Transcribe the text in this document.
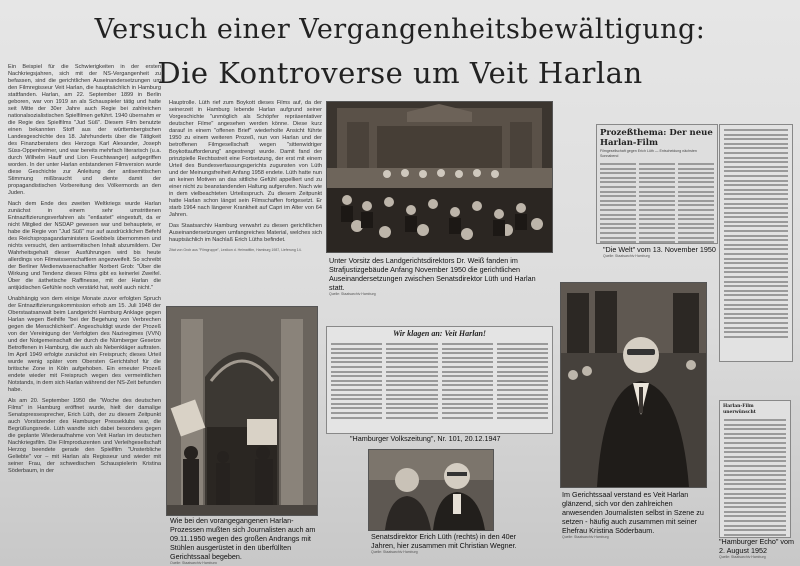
Versuch einer Vergangenheitsbewältigung:
Die Kontroverse um Veit Harlan

Ein Beispiel für die Schwierigkeiten in der ersten Nachkriegsjahren, sich mit der NS-Vergangenheit zu befassen, sind die gerichtlichen Auseinandersetzungen um den Filmregisseur Veit Harlan, die hauptsächlich in Hamburg stattfanden. Harlan, am 22. September 1899 in Berlin geboren, war von 1919 an als Schauspieler tätig und hatte seit Mitte der 30er Jahre auch Regie bei zahlreichen nationalsozialistischen Spielfilmen geführt. 1940 übernahm er die Regie des Spielfilms "Jud Süß". Diesem Film benutzte einen bekannten Stoff aus der württembergischen Landesgeschichte des 18. Jahrhunderts über die Tätigkeit des Finanzberaters des Herzogs Karl Alexander, Joseph Süss-Oppenheimer, und war bereits mehrfach literarisch (u.a. durch Wilhelm Hauff und Lion Feuchtwanger) aufgegriffen worden. In der unter Harlan entstandenen Filmversion wurde diese Geschichte zur Anleitung der antisemitischen Stimmung mißbraucht und diente damit der propagandistischen Vorbereitung des Völkermords an den Juden.

Nach dem Ende des zweiten Weltkriegs wurde Harlan zunächst in einem sehr umstrittenen Entnazifizierungsverfahren als "entlastet" eingestuft, da er nicht Mitglied der NSDAP gewesen war und behauptete, er habe die Regie von "Jud Süß" nur auf ausdrücklichen Befehl des Reichspropagandaministers Goebbels übernommen und nichts versucht, den antisemitischen Inhalt abzumildern. Der Wahrheitsgehalt dieser Ausführungen wird bis heute allerdings von Filmwissenschaftlern angezweifelt. So schreibt der Berliner Medienwissenschaftler Norbert Grob: "Über die Wirkung und Tendenz dieses Films gibt es keinerlei Zweifel. Über die ästhetische Raffinesse, mit der Harlan die antijüdischen Gefühle noch verstärkt hat, wohl auch nicht."

Unabhängig von dem einige Monate zuvor erfolgten Spruch der Entnazifizierungskommission erhob am 15. Juli 1948 der Oberstaatsanwalt beim Landgericht Hamburg Anklage gegen Harlan wegen Beihilfe "bei der Begehung von Verbrechen gegen die Menschlichkeit". Angeschuldigt wurde der Prozeß von der Vereinigung der Verfolgten des Naziregimes (VVN) und der Notgemeinschaft der durch die Nürnberger Gesetze Betroffenen in Hamburg, die auch als Nebenkläger auftraten. Im April 1949 erfolgte zunächst ein Freispruch; dieses Urteil wurde wenig später vom Obersten Gerichtshof für die britische Zone in Köln aufgehoben. Ein erneuter Prozeß endete wieder mit Freispruch wegen des vermeintlichen Notstands, in dem sich Harlan während der NS-Zeit befunden habe.

Als am 20. September 1950 die "Woche des deutschen Films" in Hamburg eröffnet wurde, hielt der damalige Senatspressesprecher, Erich Lüth, der zu diesem Zeitpunkt auch Vorsitzender des Hamburger Presseklubs war, die Begrüßungsrede. Lüth wandte sich dabei besonders gegen die geplante Wiederaufnahme von Veit Harlan im deutschen Nachkriegsfilm. Die Filmproduzenten und Verleihgesellschaft Herzog beendete gerade den Spielfilm "Unsterbliche Geliebte" vor – mit Harlan als Regisseur und wieder mit seiner Frau, der schwedischen Schauspielerin Kristina Söderbaum, in der

Hauptrolle. Lüth rief zum Boykott dieses Films auf, da der seinerzeit in Hamburg lebende Harlan aufgrund seiner Vorgeschichte "unmöglich als Schöpfer repräsentativer deutscher Filme" angesehen werden könne. Diese kurz darauf in einem "offenen Brief" wiederholte Ansicht führte 1950 zu einem weiteren Prozeß, nun von Harlan und der betroffenen Filmgesellschaft wegen "sittenwidriger Boykottaufforderung" angestrengt wurde. Damit fand der prinzipielle Rechtsstreit eine Fortsetzung, der erst mit einem Urteil des Bundesverfassungsgerichts zugunsten von Lüth und der Meinungsfreiheit Anfang 1958 endete. Lüth hatte nun an keinen Motiven an das sittliche Gefühl appelliert und zu einer nicht zu beanstandenden Haltung aufgerufen. Nach wie in dem vielbeachteten Urteilsspruch. Zu diesem Zeitpunkt hatte Harlan schon längst sein Filmschaffen fortgesetzt. Er starb 1964 nach längerer Krankheit auf Capri im Alter von 64 Jahren.

Das Staatsarchiv Hamburg verwahrt zu diesen gerichtlichen Auseinandersetzungen umfangreiches Material, welches sich hauptsächlich im Nachlaß Erich Lüths befindet.

Zitat von Grob aus "Filmgruppe", Lexikon d. Heimatfilm, Hamburg 1987, Lieferung 14.

Unter Vorsitz des Landgerichtsdirektors Dr. Weiß fanden im Strafjustizgebäude Anfang November 1950 die gerichtlichen Auseinandersetzungen zwischen Senatsdirektor Lüth und Harlan statt.
Quelle: Staatsarchiv Hamburg
Prozeßthema: Der neue Harlan-Film
Filmgesellschaft gegen Erich Lüth — Entscheidung nächsten Sonnabend
"Die Welt" vom 13. November 1950
Quelle: Staatsarchiv Hamburg
Harlan-Film unerwünscht
"Hamburger Echo" vom 2. August 1952
Quelle: Staatsarchiv Hamburg
Wie bei den vorangegangenen Harlan-Prozessen mußten sich Journalisten auch am 09.11.1950 wegen des großen Andrangs mit Stühlen ausgerüstet in den überfüllten Gerichtssaal begeben.
Quelle: Staatsarchiv Hamburg
Wir klagen an: Veit Harlan!
"Hamburger Volkszeitung", Nr. 101, 20.12.1947
Senatsdirektor Erich Lüth (rechts) in den 40er Jahren, hier zusammen mit Christian Wegner.
Quelle: Staatsarchiv Hamburg
Im Gerichtssaal verstand es Veit Harlan glänzend, sich vor den zahlreichen anwesenden Journalisten selbst in Szene zu setzen - häufig auch zusammen mit seiner Ehefrau Kristina Söderbaum.
Quelle: Staatsarchiv Hamburg
